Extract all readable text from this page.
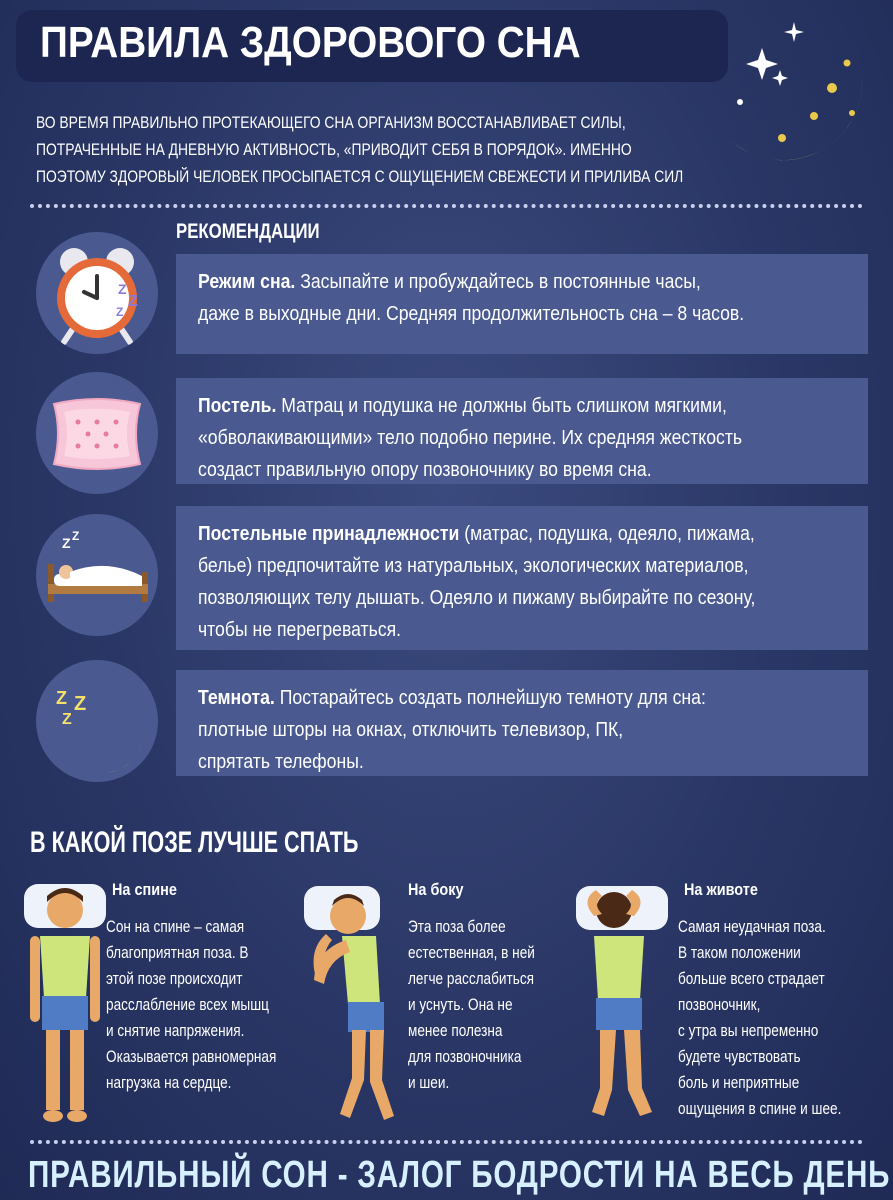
ПРАВИЛА ЗДОРОВОГО СНА
ВО ВРЕМЯ ПРАВИЛЬНО ПРОТЕКАЮЩЕГО СНА ОРГАНИЗМ ВОССТАНАВЛИВАЕТ СИЛЫ,
ПОТРАЧЕННЫЕ НА ДНЕВНУЮ АКТИВНОСТЬ, «ПРИВОДИТ СЕБЯ В ПОРЯДОК». ИМЕННО
ПОЭТОМУ ЗДОРОВЫЙ ЧЕЛОВЕК ПРОСЫПАЕТСЯ С ОЩУЩЕНИЕМ СВЕЖЕСТИ И ПРИЛИВА СИЛ
РЕКОМЕНДАЦИИ
Z
Z
Z
Режим сна. Засыпайте и пробуждайтесь в постоянные часы,
даже в выходные дни. Средняя продолжительность сна – 8 часов.
Постель. Матрац и подушка не должны быть слишком мягкими,
«обволакивающими» тело подобно перине. Их средняя жесткость
создаст правильную опору позвоночнику во время сна.
Z Z	Постельные принадлежности (матрас, подушка, одеяло, пижама,
белье) предпочитайте из натуральных, экологических материалов,
позволяющих телу дышать. Одеяло и пижаму выбирайте по сезону,
чтобы не перегреваться.
Z Z
Z
Темнота. Постарайтесь создать полнейшую темноту для сна:
плотные шторы на окнах, отключить телевизор, ПК,
спрятать телефоны.
В КАКОЙ ПОЗЕ ЛУЧШЕ СПАТЬ
На спине
Сон на спине – самая
благоприятная поза. В
этой позе происходит
расслабление всех мышц
и снятие напряжения.
Оказывается равномерная
нагрузка на сердце.
На боку
Эта поза более
естественная, в ней
легче расслабиться
и уснуть. Она не
менее полезна
для позвоночника
и шеи.
На животе
Самая неудачная поза.
В таком положении
больше всего страдает
позвоночник,
с утра вы непременно
будете чувствовать
боль и неприятные
ощущения в спине и шее.
ПРАВИЛЬНЫЙ СОН - ЗАЛОГ БОДРОСТИ НА ВЕСЬ ДЕНЬ
